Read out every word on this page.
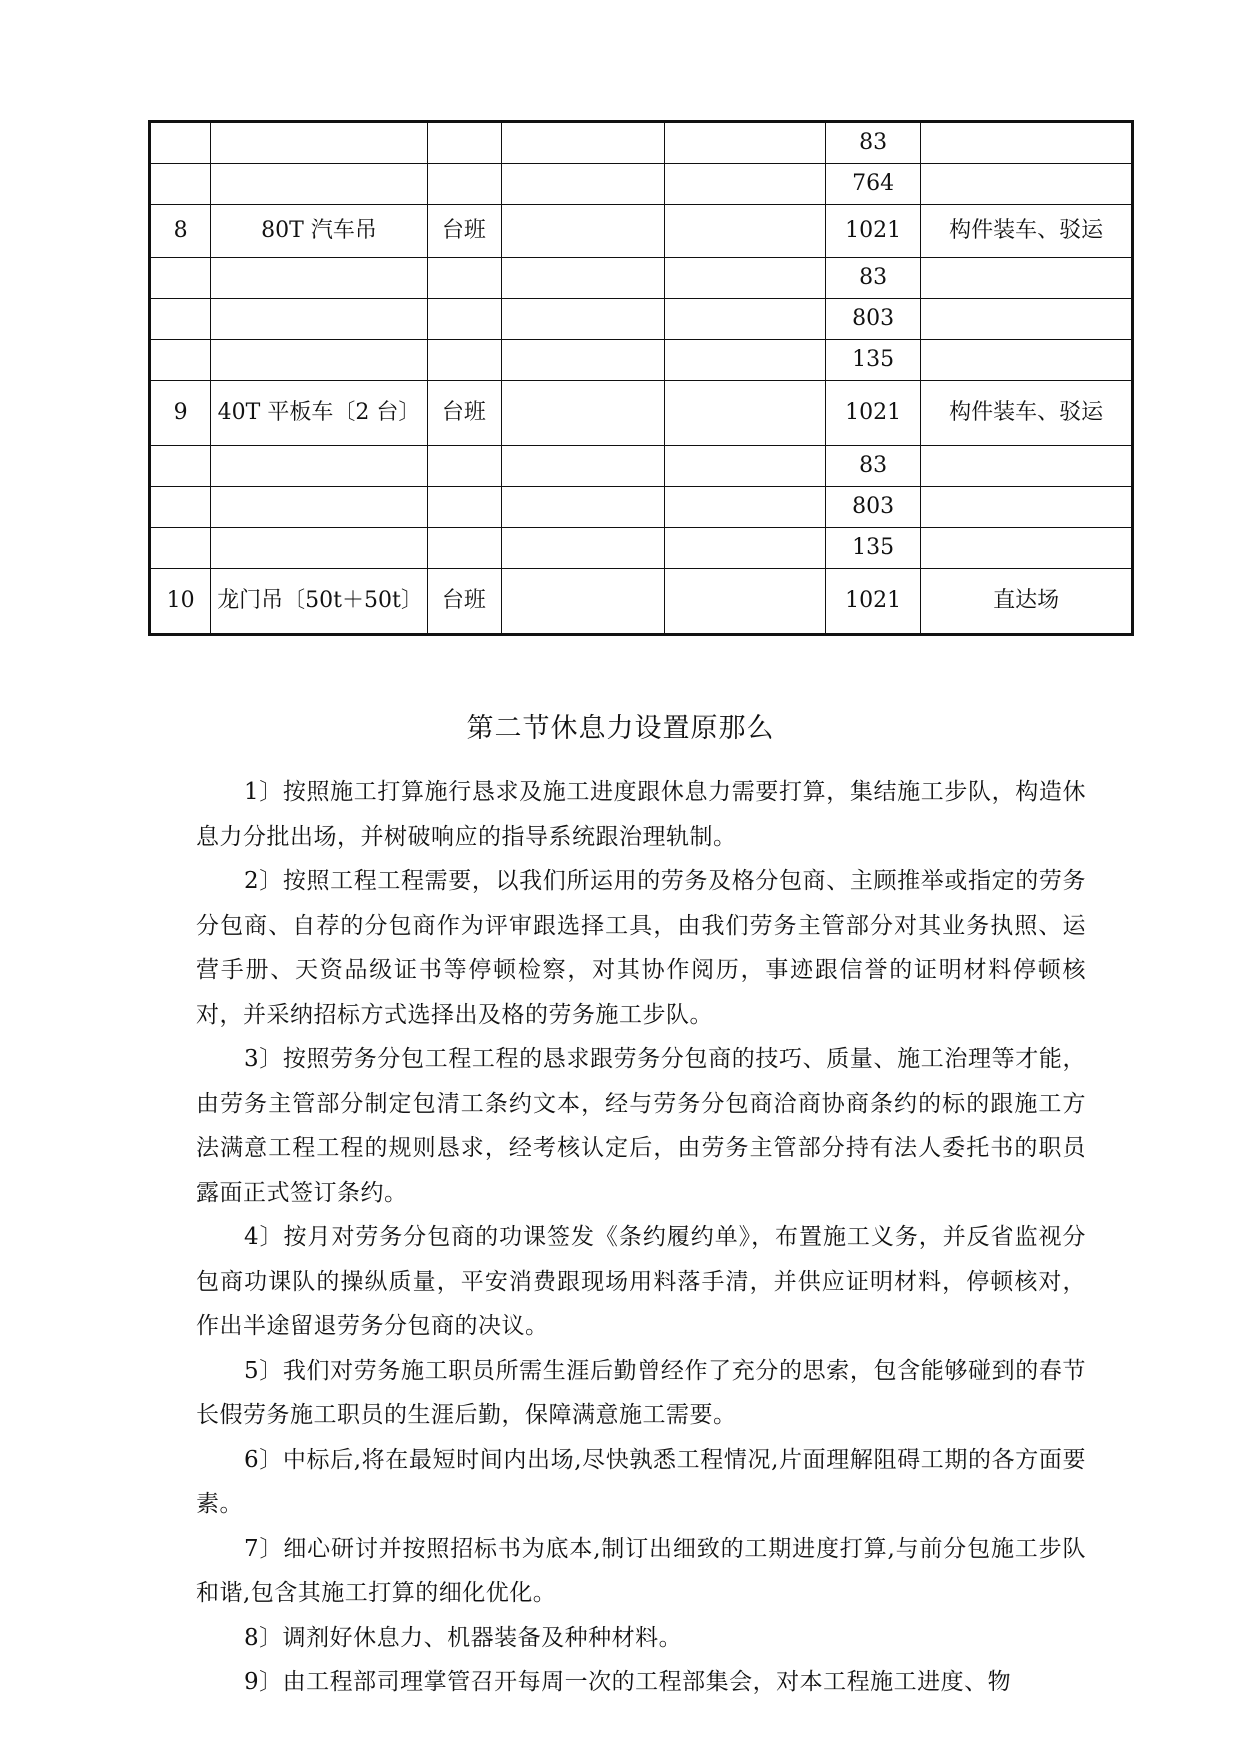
					83	
					764	
8	80T 汽车吊	台班			1021	构件装车、驳运
					83	
					803	
					135	
9	40T 平板车〔2 台〕	台班			1021	构件装车、驳运
					83	
					803	
					135	
10	龙门吊〔50t＋50t〕	台班			1021	直达场
第二节休息力设置原那么

1〕按照施工打算施行恳求及施工进度跟休息力需要打算，集结施工步队，构造休息力分批出场，并树破响应的指导系统跟治理轨制。

2〕按照工程工程需要，以我们所运用的劳务及格分包商、主顾推举或指定的劳务分包商、自荐的分包商作为评审跟选择工具，由我们劳务主管部分对其业务执照、运营手册、天资品级证书等停顿检察，对其协作阅历，事迹跟信誉的证明材料停顿核对，并采纳招标方式选择出及格的劳务施工步队。

3〕按照劳务分包工程工程的恳求跟劳务分包商的技巧、质量、施工治理等才能，由劳务主管部分制定包清工条约文本，经与劳务分包商洽商协商条约的标的跟施工方法满意工程工程的规则恳求，经考核认定后，由劳务主管部分持有法人委托书的职员露面正式签订条约。

4〕按月对劳务分包商的功课签发《条约履约单》，布置施工义务，并反省监视分包商功课队的操纵质量，平安消费跟现场用料落手清，并供应证明材料，停顿核对，作出半途留退劳务分包商的决议。

5〕我们对劳务施工职员所需生涯后勤曾经作了充分的思索，包含能够碰到的春节长假劳务施工职员的生涯后勤，保障满意施工需要。

6〕中标后,将在最短时间内出场,尽快孰悉工程情况,片面理解阻碍工期的各方面要素。

7〕细心研讨并按照招标书为底本,制订出细致的工期进度打算,与前分包施工步队和谐,包含其施工打算的细化优化。

8〕调剂好休息力、机器装备及种种材料。

9〕由工程部司理掌管召开每周一次的工程部集会，对本工程施工进度、物
